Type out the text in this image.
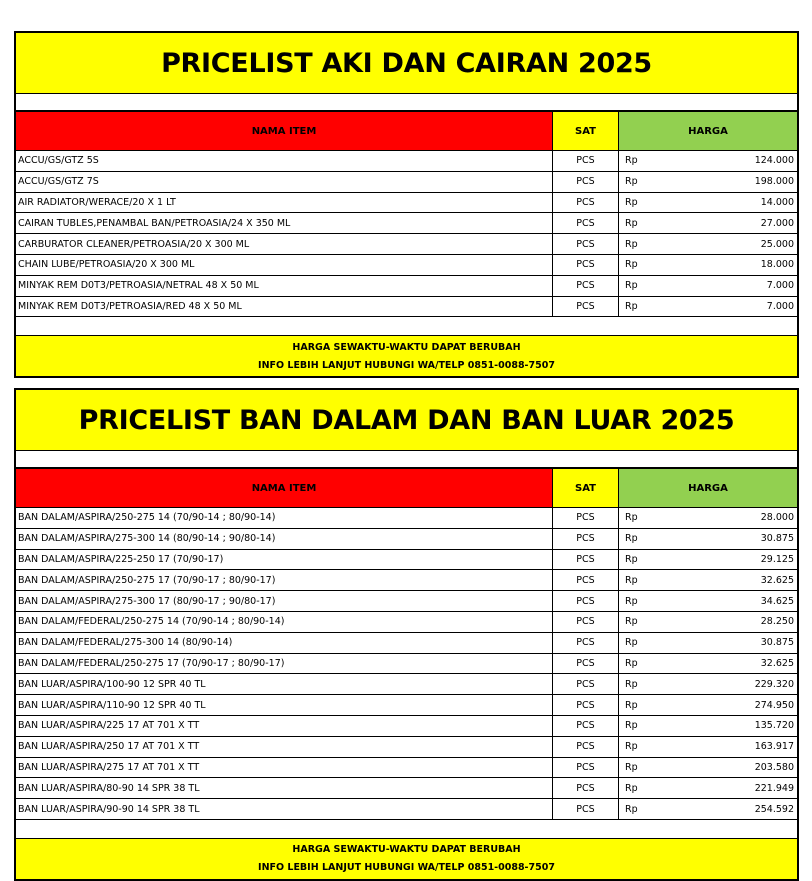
PRICELIST AKI DAN CAIRAN 2025
NAMA ITEM	SAT	HARGA
ACCU/GS/GTZ 5S	PCS	Rp	124.000
ACCU/GS/GTZ 7S	PCS	Rp	198.000
AIR RADIATOR/WERACE/20 X 1 LT	PCS	Rp	14.000
CAIRAN TUBLES,PENAMBAL BAN/PETROASIA/24 X 350 ML	PCS	Rp	27.000
CARBURATOR CLEANER/PETROASIA/20 X 300 ML	PCS	Rp	25.000
CHAIN LUBE/PETROASIA/20 X 300 ML	PCS	Rp	18.000
MINYAK REM D0T3/PETROASIA/NETRAL 48 X 50 ML	PCS	Rp	7.000
MINYAK REM D0T3/PETROASIA/RED 48 X 50 ML	PCS	Rp	7.000
HARGA SEWAKTU-WAKTU DAPAT BERUBAH
INFO LEBIH LANJUT HUBUNGI WA/TELP 0851-0088-7507
PRICELIST BAN DALAM DAN BAN LUAR 2025
NAMA ITEM	SAT	HARGA
BAN DALAM/ASPIRA/250-275 14 (70/90-14 ; 80/90-14)	PCS	Rp	28.000
BAN DALAM/ASPIRA/275-300 14 (80/90-14 ; 90/80-14)	PCS	Rp	30.875
BAN DALAM/ASPIRA/225-250 17 (70/90-17)	PCS	Rp	29.125
BAN DALAM/ASPIRA/250-275 17 (70/90-17 ; 80/90-17)	PCS	Rp	32.625
BAN DALAM/ASPIRA/275-300 17 (80/90-17 ; 90/80-17)	PCS	Rp	34.625
BAN DALAM/FEDERAL/250-275 14 (70/90-14 ; 80/90-14)	PCS	Rp	28.250
BAN DALAM/FEDERAL/275-300 14 (80/90-14)	PCS	Rp	30.875
BAN DALAM/FEDERAL/250-275 17 (70/90-17 ; 80/90-17)	PCS	Rp	32.625
BAN LUAR/ASPIRA/100-90 12 SPR 40 TL	PCS	Rp	229.320
BAN LUAR/ASPIRA/110-90 12 SPR 40 TL	PCS	Rp	274.950
BAN LUAR/ASPIRA/225 17 AT 701 X TT	PCS	Rp	135.720
BAN LUAR/ASPIRA/250 17 AT 701 X TT	PCS	Rp	163.917
BAN LUAR/ASPIRA/275 17 AT 701 X TT	PCS	Rp	203.580
BAN LUAR/ASPIRA/80-90 14 SPR 38 TL	PCS	Rp	221.949
BAN LUAR/ASPIRA/90-90 14 SPR 38 TL	PCS	Rp	254.592
HARGA SEWAKTU-WAKTU DAPAT BERUBAH
INFO LEBIH LANJUT HUBUNGI WA/TELP 0851-0088-7507
